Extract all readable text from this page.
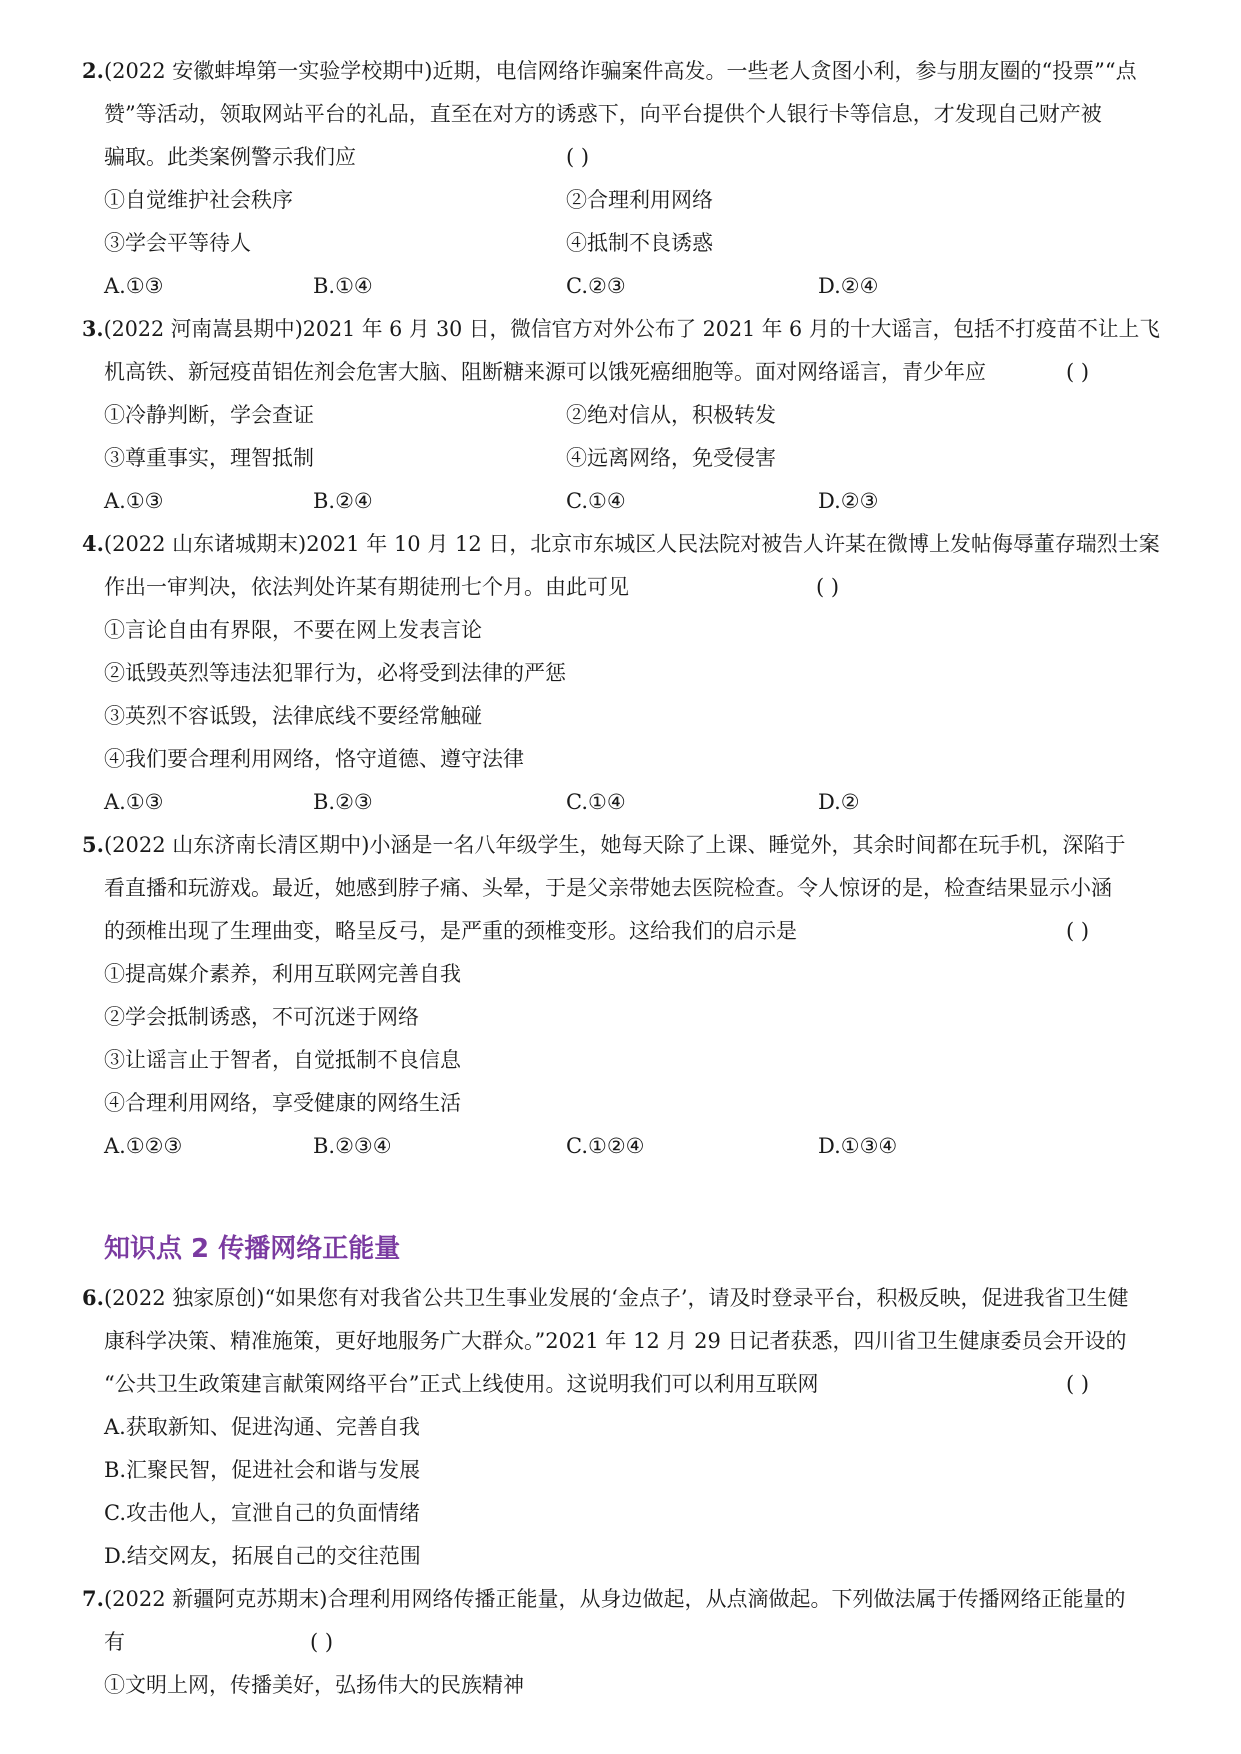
2.(2022 安徽蚌埠第一实验学校期中)近期，电信网络诈骗案件高发。一些老人贪图小利，参与朋友圈的“投票”“点
赞”等活动，领取网站平台的礼品，直至在对方的诱惑下，向平台提供个人银行卡等信息，才发现自己财产被
骗取。此类案例警示我们应	( )
①自觉维护社会秩序	②合理利用网络
③学会平等待人	④抵制不良诱惑
A.①③	B.①④	C.②③	D.②④
3.(2022 河南嵩县期中)2021 年 6 月 30 日，微信官方对外公布了 2021 年 6 月的十大谣言，包括不打疫苗不让上飞
机高铁、新冠疫苗铝佐剂会危害大脑、阻断糖来源可以饿死癌细胞等。面对网络谣言，青少年应	( )
①冷静判断，学会查证	②绝对信从，积极转发
③尊重事实，理智抵制	④远离网络，免受侵害
A.①③	B.②④	C.①④	D.②③
4.(2022 山东诸城期末)2021 年 10 月 12 日，北京市东城区人民法院对被告人许某在微博上发帖侮辱董存瑞烈士案
作出一审判决，依法判处许某有期徒刑七个月。由此可见	( )
①言论自由有界限，不要在网上发表言论
②诋毁英烈等违法犯罪行为，必将受到法律的严惩
③英烈不容诋毁，法律底线不要经常触碰
④我们要合理利用网络，恪守道德、遵守法律
A.①③	B.②③	C.①④	D.②
5.(2022 山东济南长清区期中)小涵是一名八年级学生，她每天除了上课、睡觉外，其余时间都在玩手机，深陷于
看直播和玩游戏。最近，她感到脖子痛、头晕，于是父亲带她去医院检查。令人惊讶的是，检查结果显示小涵
的颈椎出现了生理曲变，略呈反弓，是严重的颈椎变形。这给我们的启示是	( )
①提高媒介素养，利用互联网完善自我
②学会抵制诱惑，不可沉迷于网络
③让谣言止于智者，自觉抵制不良信息
④合理利用网络，享受健康的网络生活
A.①②③	B.②③④	C.①②④	D.①③④
知识点 2 传播网络正能量
6.(2022 独家原创)“如果您有对我省公共卫生事业发展的‘金点子’，请及时登录平台，积极反映，促进我省卫生健
康科学决策、精准施策，更好地服务广大群众。”2021 年 12 月 29 日记者获悉，四川省卫生健康委员会开设的
“公共卫生政策建言献策网络平台”正式上线使用。这说明我们可以利用互联网	( )
A.获取新知、促进沟通、完善自我
B.汇聚民智，促进社会和谐与发展
C.攻击他人，宣泄自己的负面情绪
D.结交网友，拓展自己的交往范围
7.(2022 新疆阿克苏期末)合理利用网络传播正能量，从身边做起，从点滴做起。下列做法属于传播网络正能量的
有	( )
①文明上网，传播美好，弘扬伟大的民族精神
